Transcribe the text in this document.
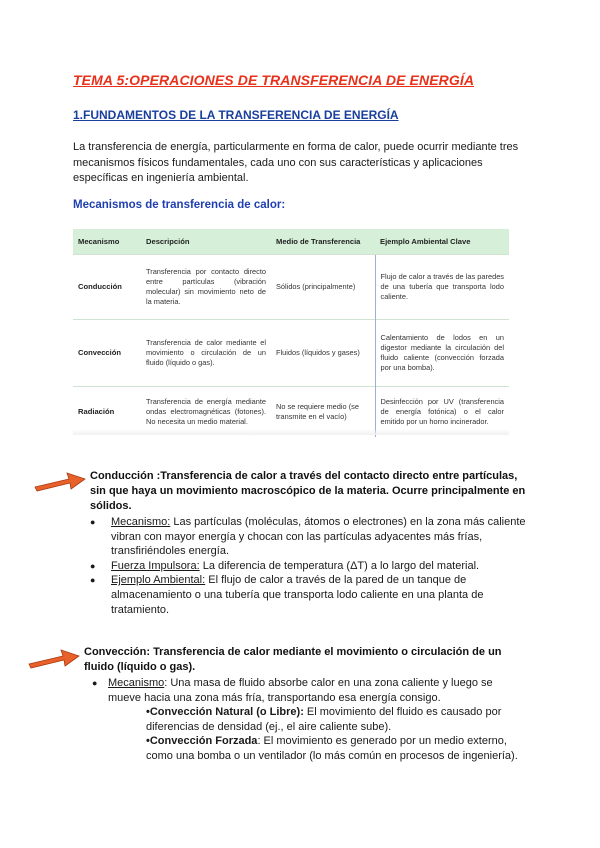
TEMA 5:OPERACIONES DE TRANSFERENCIA DE ENERGÍA
1.FUNDAMENTOS DE LA TRANSFERENCIA DE ENERGÍA
La transferencia de energía, particularmente en forma de calor, puede ocurrir mediante tres mecanismos físicos fundamentales, cada uno con sus características y aplicaciones específicas en ingeniería ambiental.
Mecanismos de transferencia de calor:
Mecanismo	Descripción	Medio de Transferencia	Ejemplo Ambiental Clave
Conducción	Transferencia por contacto directo entre partículas (vibración molecular) sin movimiento neto de la materia.	Sólidos (principalmente)	Flujo de calor a través de las paredes de una tubería que transporta lodo caliente.
Convección	Transferencia de calor mediante el movimiento o circulación de un fluido (líquido o gas).	Fluidos (líquidos y gases)	Calentamiento de lodos en un digestor mediante la circulación del fluido caliente (convección forzada por una bomba).
Radiación	Transferencia de energía mediante ondas electromagnéticas (fotones). No necesita un medio material.	No se requiere medio (se transmite en el vacío)	Desinfección por UV (transferencia de energía fotónica) o el calor emitido por un horno incinerador.
Conducción :Transferencia de calor a través del contacto directo entre partículas, sin que haya un movimiento macroscópico de la materia. Ocurre principalmente en sólidos.
● Mecanismo: Las partículas (moléculas, átomos o electrones) en la zona más caliente vibran con mayor energía y chocan con las partículas adyacentes más frías, transfiriéndoles energía.
● Fuerza Impulsora: La diferencia de temperatura (ΔT) a lo largo del material.
● Ejemplo Ambiental: El flujo de calor a través de la pared de un tanque de almacenamiento o una tubería que transporta lodo caliente en una planta de tratamiento.
Convección: Transferencia de calor mediante el movimiento o circulación de un fluido (líquido o gas).
● Mecanismo: Una masa de fluido absorbe calor en una zona caliente y luego se mueve hacia una zona más fría, transportando esa energía consigo.
•Convección Natural (o Libre): El movimiento del fluido es causado por diferencias de densidad (ej., el aire caliente sube).
•Convección Forzada: El movimiento es generado por un medio externo, como una bomba o un ventilador (lo más común en procesos de ingeniería).
